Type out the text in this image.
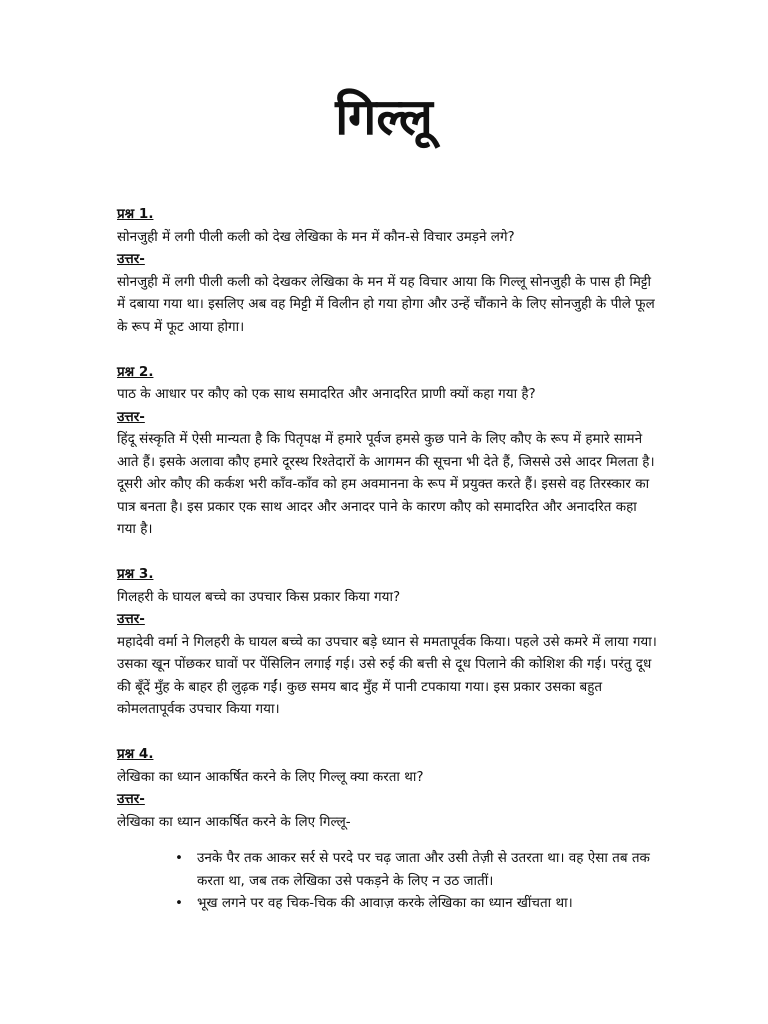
गिल्लू

प्रश्न 1.

सोनजुही में लगी पीली कली को देख लेखिका के मन में कौन-से विचार उमड़ने लगे?

उत्तर-

सोनजुही में लगी पीली कली को देखकर लेखिका के मन में यह विचार आया कि गिल्लू सोनजुही के पास ही मिट्टी में दबाया गया था। इसलिए अब वह मिट्टी में विलीन हो गया होगा और उन्हें चौंकाने के लिए सोनजुही के पीले फूल के रूप में फूट आया होगा।

प्रश्न 2.

पाठ के आधार पर कौए को एक साथ समादरित और अनादरित प्राणी क्यों कहा गया है?

उत्तर-

हिंदू संस्कृति में ऐसी मान्यता है कि पितृपक्ष में हमारे पूर्वज हमसे कुछ पाने के लिए कौए के रूप में हमारे सामने आते हैं। इसके अलावा कौए हमारे दूरस्थ रिश्तेदारों के आगमन की सूचना भी देते हैं, जिससे उसे आदर मिलता है। दूसरी ओर कौए की कर्कश भरी काँव-काँव को हम अवमानना के रूप में प्रयुक्त करते हैं। इससे वह तिरस्कार का पात्र बनता है। इस प्रकार एक साथ आदर और अनादर पाने के कारण कौए को समादरित और अनादरित कहा गया है।

प्रश्न 3.

गिलहरी के घायल बच्चे का उपचार किस प्रकार किया गया?

उत्तर-

महादेवी वर्मा ने गिलहरी के घायल बच्चे का उपचार बड़े ध्यान से ममतापूर्वक किया। पहले उसे कमरे में लाया गया। उसका खून पोंछकर घावों पर पेंसिलिन लगाई गई। उसे रुई की बत्ती से दूध पिलाने की कोशिश की गई। परंतु दूध की बूँदें मुँह के बाहर ही लुढ़क गईं। कुछ समय बाद मुँह में पानी टपकाया गया। इस प्रकार उसका बहुत कोमलतापूर्वक उपचार किया गया।

प्रश्न 4.

लेखिका का ध्यान आकर्षित करने के लिए गिल्लू क्या करता था?

उत्तर-

लेखिका का ध्यान आकर्षित करने के लिए गिल्लू-

• उनके पैर तक आकर सर्र से परदे पर चढ़ जाता और उसी तेज़ी से उतरता था। वह ऐसा तब तक करता था, जब तक लेखिका उसे पकड़ने के लिए न उठ जातीं।
• भूख लगने पर वह चिक-चिक की आवाज़ करके लेखिका का ध्यान खींचता था।
